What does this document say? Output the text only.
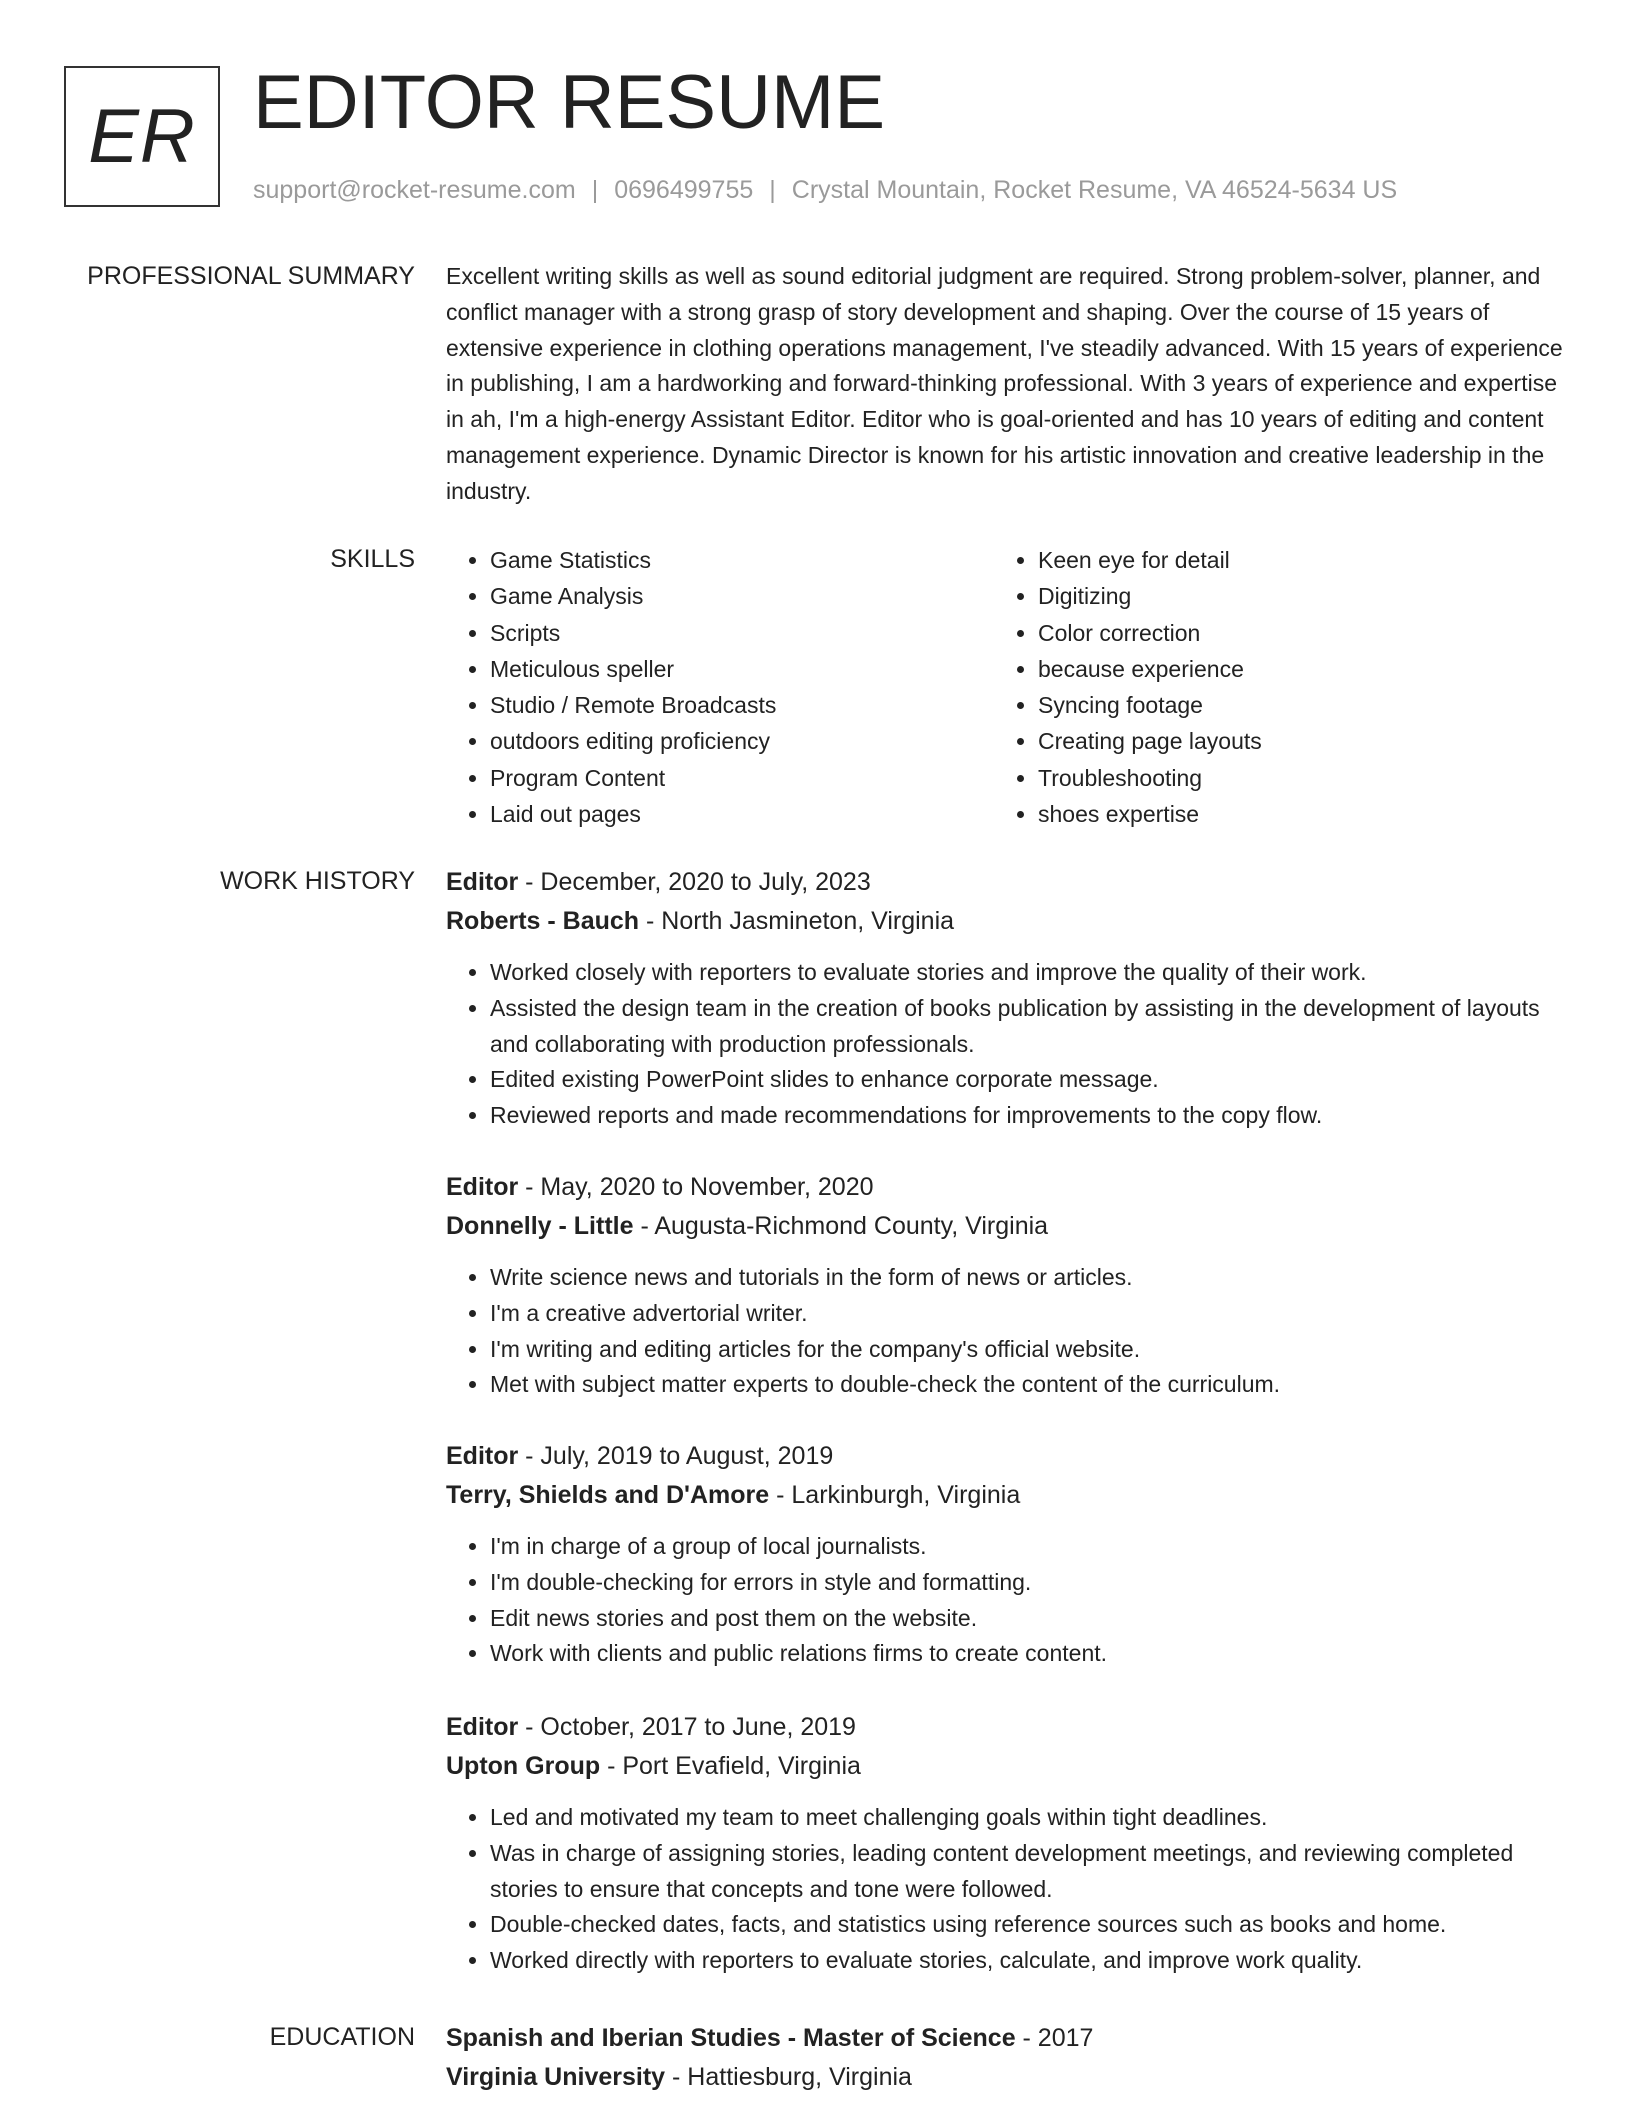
ER EDITOR RESUME
support@rocket-resume.com | 0696499755 | Crystal Mountain, Rocket Resume, VA 46524-5634 US
PROFESSIONAL SUMMARY Excellent writing skills as well as sound editorial judgment are required. Strong problem-solver, planner, and conflict manager with a strong grasp of story development and shaping. Over the course of 15 years of extensive experience in clothing operations management, I've steadily advanced. With 15 years of experience in publishing, I am a hardworking and forward-thinking professional. With 3 years of experience and expertise in ah, I'm a high-energy Assistant Editor. Editor who is goal-oriented and has 10 years of editing and content management experience. Dynamic Director is known for his artistic innovation and creative leadership in the industry.

SKILLS
•	Game Statistics
• Game Analysis
• Scripts
• Meticulous speller
• Studio / Remote Broadcasts
• outdoors editing proficiency
• Program Content
• Laid out pages
• Keen eye for detail
• Digitizing
• Color correction
• because experience
• Syncing footage
• Creating page layouts
• Troubleshooting
• shoes expertise
WORK HISTORY Editor - December, 2020 to July, 2023
Roberts - Bauch - North Jasmineton, Virginia
• Worked closely with reporters to evaluate stories and improve the quality of their work.
• Assisted the design team in the creation of books publication by assisting in the development of layouts and collaborating with production professionals.
• Edited existing PowerPoint slides to enhance corporate message.
• Reviewed reports and made recommendations for improvements to the copy flow.
Editor - May, 2020 to November, 2020
Donnelly - Little - Augusta-Richmond County, Virginia
• Write science news and tutorials in the form of news or articles.
• I'm a creative advertorial writer.
• I'm writing and editing articles for the company's official website.
• Met with subject matter experts to double-check the content of the curriculum.
Editor - July, 2019 to August, 2019
Terry, Shields and D'Amore - Larkinburgh, Virginia
• I'm in charge of a group of local journalists.
• I'm double-checking for errors in style and formatting.
• Edit news stories and post them on the website.
• Work with clients and public relations firms to create content.
Editor - October, 2017 to June, 2019
Upton Group - Port Evafield, Virginia
• Led and motivated my team to meet challenging goals within tight deadlines.
• Was in charge of assigning stories, leading content development meetings, and reviewing completed stories to ensure that concepts and tone were followed.
• Double-checked dates, facts, and statistics using reference sources such as books and home.
• Worked directly with reporters to evaluate stories, calculate, and improve work quality.
EDUCATION Spanish and Iberian Studies - Master of Science - 2017
Virginia University - Hattiesburg, Virginia
